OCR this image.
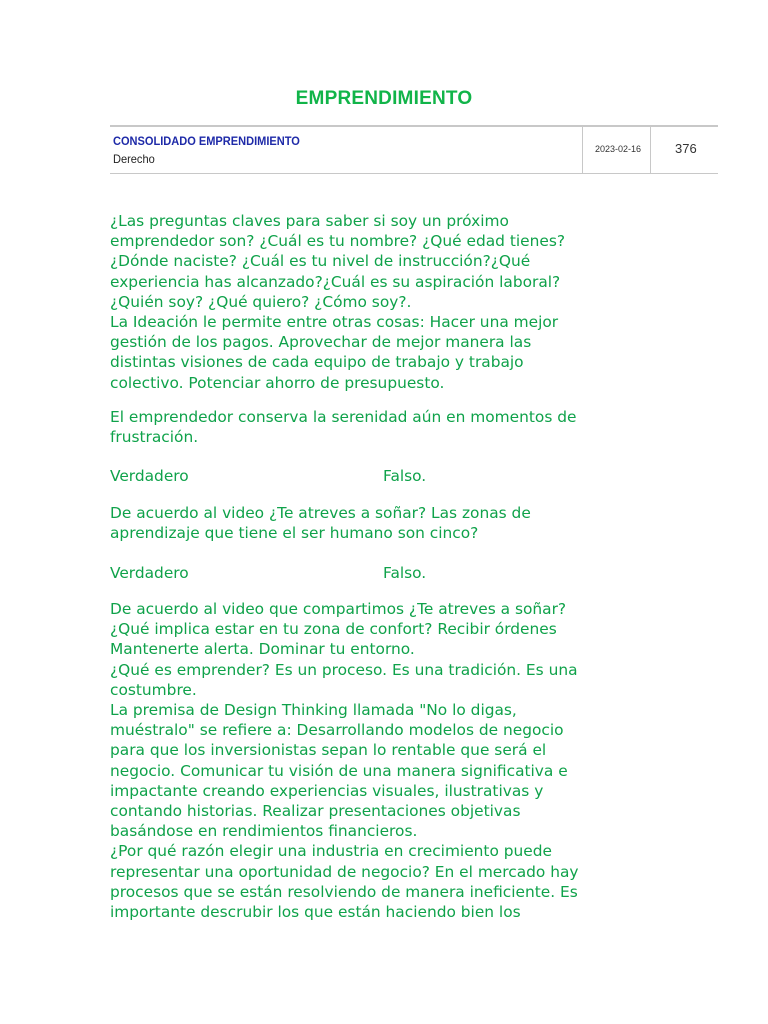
EMPRENDIMIENTO
CONSOLIDADO EMPRENDIMIENTO
Derecho
2023-02-16	376

¿Las preguntas claves para saber si soy un próximo

emprendedor son? ¿Cuál es tu nombre? ¿Qué edad tienes?

¿Dónde naciste? ¿Cuál es tu nivel de instrucción?¿Qué

experiencia has alcanzado?¿Cuál es su aspiración laboral?

¿Quién soy? ¿Qué quiero? ¿Cómo soy?.

La Ideación le permite entre otras cosas: Hacer una mejor

gestión de los pagos. Aprovechar de mejor manera las

distintas visiones de cada equipo de trabajo y trabajo

colectivo. Potenciar ahorro de presupuesto.

El emprendedor conserva la serenidad aún en momentos de

frustración.

Verdadero	Falso.

De acuerdo al video ¿Te atreves a soñar? Las zonas de

aprendizaje que tiene el ser humano son cinco?

Verdadero	Falso.

De acuerdo al video que compartimos ¿Te atreves a soñar?

¿Qué implica estar en tu zona de confort? Recibir órdenes

Mantenerte alerta. Dominar tu entorno.

¿Qué es emprender? Es un proceso. Es una tradición. Es una

costumbre.

La premisa de Design Thinking llamada "No lo digas,

muéstralo" se refiere a: Desarrollando modelos de negocio

para que los inversionistas sepan lo rentable que será el

negocio. Comunicar tu visión de una manera significativa e

impactante creando experiencias visuales, ilustrativas y

contando historias. Realizar presentaciones objetivas

basándose en rendimientos financieros.

¿Por qué razón elegir una industria en crecimiento puede

representar una oportunidad de negocio? En el mercado hay

procesos que se están resolviendo de manera ineficiente. Es

importante descrubir los que están haciendo bien los
